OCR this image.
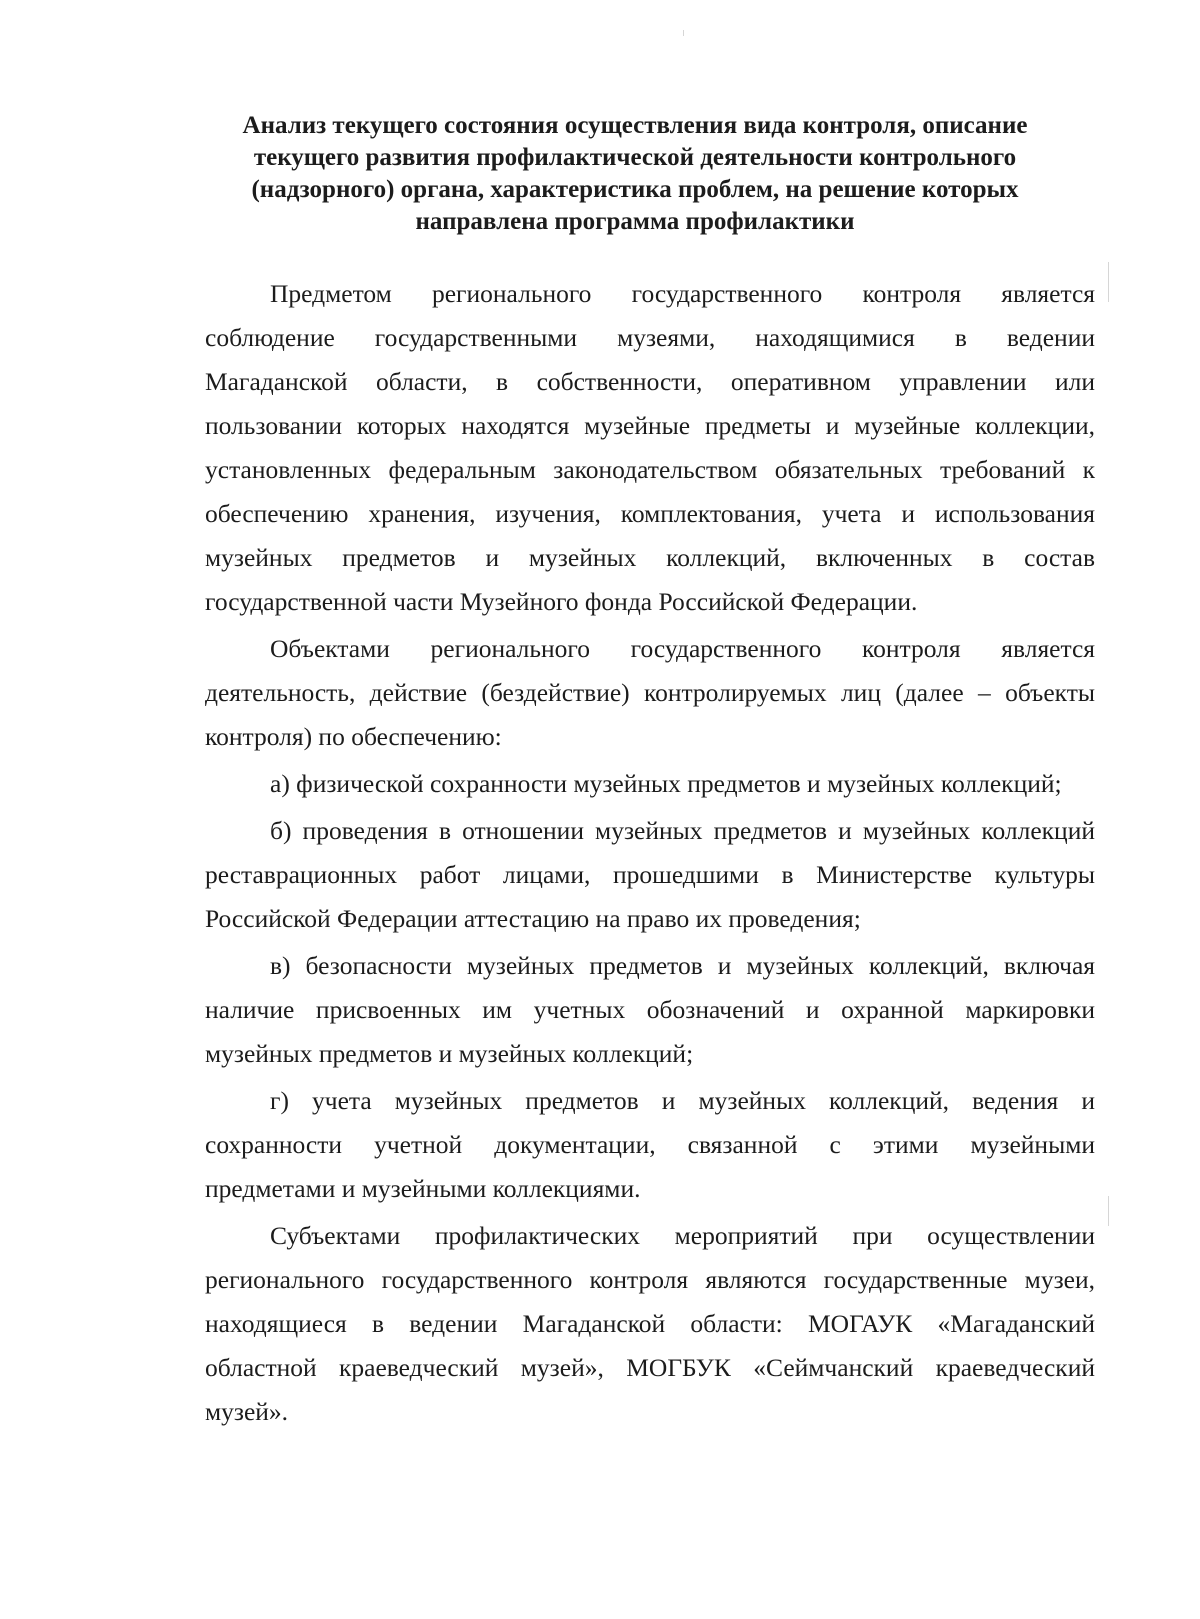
Анализ текущего состояния осуществления вида контроля, описание
текущего развития профилактической деятельности контрольного
(надзорного) органа, характеристика проблем, на решение которых
направлена программа профилактики
Предметом регионального государственного контроля является
соблюдение государственными музеями, находящимися в ведении
Магаданской области, в собственности, оперативном управлении или
пользовании которых находятся музейные предметы и музейные коллекции,
установленных федеральным законодательством обязательных требований к
обеспечению хранения, изучения, комплектования, учета и использования
музейных предметов и музейных коллекций, включенных в состав
государственной части Музейного фонда Российской Федерации.
Объектами регионального государственного контроля является
деятельность, действие (бездействие) контролируемых лиц (далее – объекты
контроля) по обеспечению:
а) физической сохранности музейных предметов и музейных коллекций;
б) проведения в отношении музейных предметов и музейных коллекций
реставрационных работ лицами, прошедшими в Министерстве культуры
Российской Федерации аттестацию на право их проведения;
в) безопасности музейных предметов и музейных коллекций, включая
наличие присвоенных им учетных обозначений и охранной маркировки
музейных предметов и музейных коллекций;
г) учета музейных предметов и музейных коллекций, ведения и
сохранности учетной документации, связанной с этими музейными
предметами и музейными коллекциями.
Субъектами профилактических мероприятий при осуществлении
регионального государственного контроля являются государственные музеи,
находящиеся в ведении Магаданской области: МОГАУК «Магаданский
областной краеведческий музей», МОГБУК «Сеймчанский краеведческий
музей».
